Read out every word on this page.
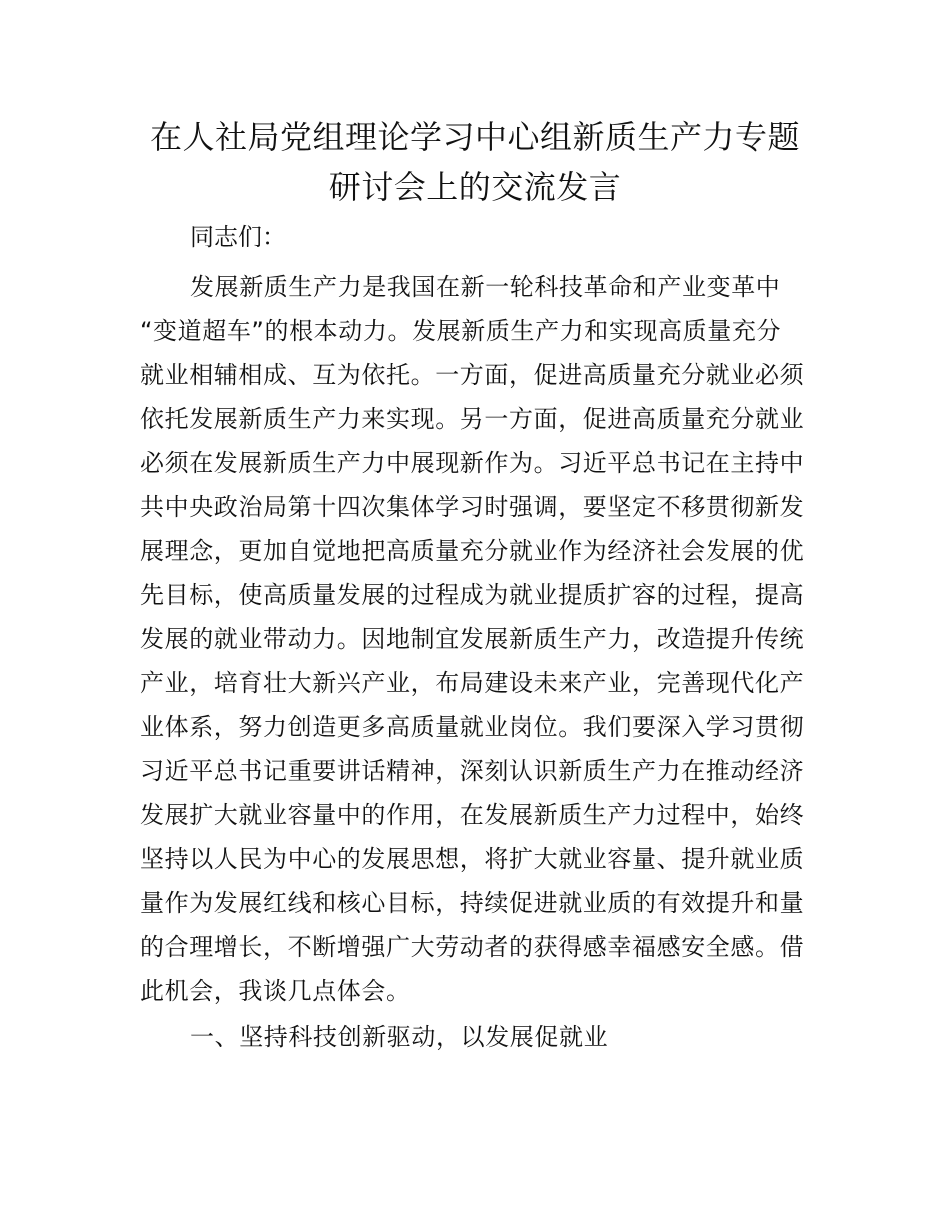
在人社局党组理论学习中心组新质生产力专题
研讨会上的交流发言

同志们：

发展新质生产力是我国在新一轮科技革命和产业变革中
“变道超车”的根本动力。发展新质生产力和实现高质量充分
就业相辅相成、互为依托。一方面，促进高质量充分就业必须
依托发展新质生产力来实现。另一方面，促进高质量充分就业
必须在发展新质生产力中展现新作为。习近平总书记在主持中
共中央政治局第十四次集体学习时强调，要坚定不移贯彻新发
展理念，更加自觉地把高质量充分就业作为经济社会发展的优
先目标，使高质量发展的过程成为就业提质扩容的过程，提高
发展的就业带动力。因地制宜发展新质生产力，改造提升传统
产业，培育壮大新兴产业，布局建设未来产业，完善现代化产
业体系，努力创造更多高质量就业岗位。我们要深入学习贯彻
习近平总书记重要讲话精神，深刻认识新质生产力在推动经济
发展扩大就业容量中的作用，在发展新质生产力过程中，始终
坚持以人民为中心的发展思想，将扩大就业容量、提升就业质
量作为发展红线和核心目标，持续促进就业质的有效提升和量
的合理增长，不断增强广大劳动者的获得感幸福感安全感。借
此机会，我谈几点体会。

一、坚持科技创新驱动，以发展促就业
